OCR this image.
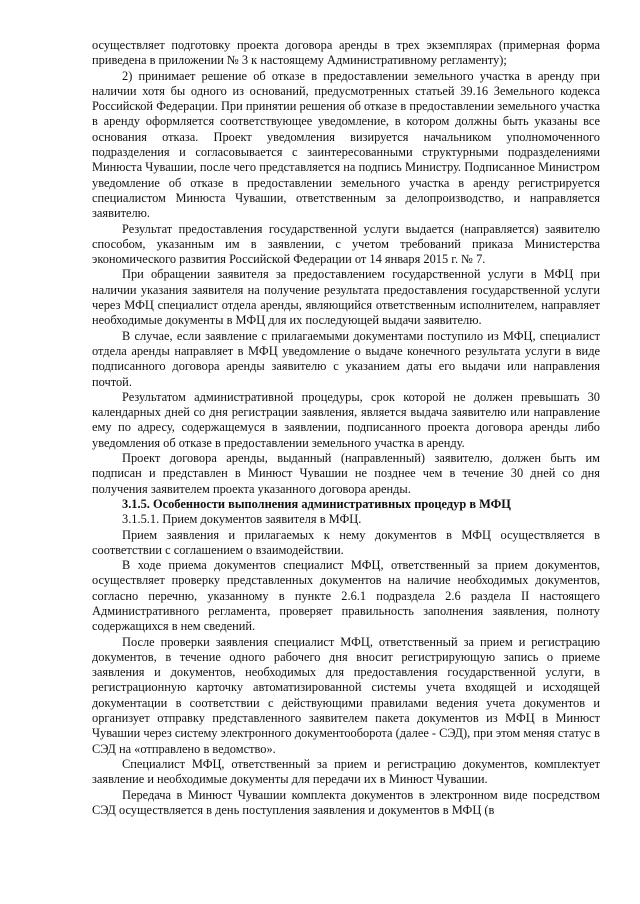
осуществляет подготовку проекта договора аренды в трех экземплярах (примерная форма приведена в приложении № 3 к настоящему Административному регламенту);

2) принимает решение об отказе в предоставлении земельного участка в аренду при наличии хотя бы одного из оснований, предусмотренных статьей 39.16 Земельного кодекса Российской Федерации. При принятии решения об отказе в предоставлении земельного участка в аренду оформляется соответствующее уведомление, в котором должны быть указаны все основания отказа. Проект уведомления визируется начальником уполномоченного подразделения и согласовывается с заинтересованными структурными подразделениями Минюста Чувашии, после чего представляется на подпись Министру. Подписанное Министром уведомление об отказе в предоставлении земельного участка в аренду регистрируется специалистом Минюста Чувашии, ответственным за делопроизводство, и направляется заявителю.

Результат предоставления государственной услуги выдается (направляется) заявителю способом, указанным им в заявлении, с учетом требований приказа Министерства экономического развития Российской Федерации от 14 января 2015 г. № 7.

При обращении заявителя за предоставлением государственной услуги в МФЦ при наличии указания заявителя на получение результата предоставления государственной услуги через МФЦ специалист отдела аренды, являющийся ответственным исполнителем, направляет необходимые документы в МФЦ для их последующей выдачи заявителю.

В случае, если заявление с прилагаемыми документами поступило из МФЦ, специалист отдела аренды направляет в МФЦ уведомление о выдаче конечного результата услуги в виде подписанного договора аренды заявителю с указанием даты его выдачи или направления почтой.

Результатом административной процедуры, срок которой не должен превышать 30 календарных дней со дня регистрации заявления, является выдача заявителю или направление ему по адресу, содержащемуся в заявлении, подписанного проекта договора аренды либо уведомления об отказе в предоставлении земельного участка в аренду.

Проект договора аренды, выданный (направленный) заявителю, должен быть им подписан и представлен в Минюст Чувашии не позднее чем в течение 30 дней со дня получения заявителем проекта указанного договора аренды.

3.1.5. Особенности выполнения административных процедур в МФЦ

3.1.5.1. Прием документов заявителя в МФЦ.

Прием заявления и прилагаемых к нему документов в МФЦ осуществляется в соответствии с соглашением о взаимодействии.

В ходе приема документов специалист МФЦ, ответственный за прием документов, осуществляет проверку представленных документов на наличие необходимых документов, согласно перечню, указанному в пункте 2.6.1 подраздела 2.6 раздела II настоящего Административного регламента, проверяет правильность заполнения заявления, полноту содержащихся в нем сведений.

После проверки заявления специалист МФЦ, ответственный за прием и регистрацию документов, в течение одного рабочего дня вносит регистрирующую запись о приеме заявления и документов, необходимых для предоставления государственной услуги, в регистрационную карточку автоматизированной системы учета входящей и исходящей документации в соответствии с действующими правилами ведения учета документов и организует отправку представленного заявителем пакета документов из МФЦ в Минюст Чувашии через систему электронного документооборота (далее - СЭД), при этом меняя статус в СЭД на «отправлено в ведомство».

Специалист МФЦ, ответственный за прием и регистрацию документов, комплектует заявление и необходимые документы для передачи их в Минюст Чувашии.

Передача в Минюст Чувашии комплекта документов в электронном виде посредством СЭД осуществляется в день поступления заявления и документов в МФЦ (в
